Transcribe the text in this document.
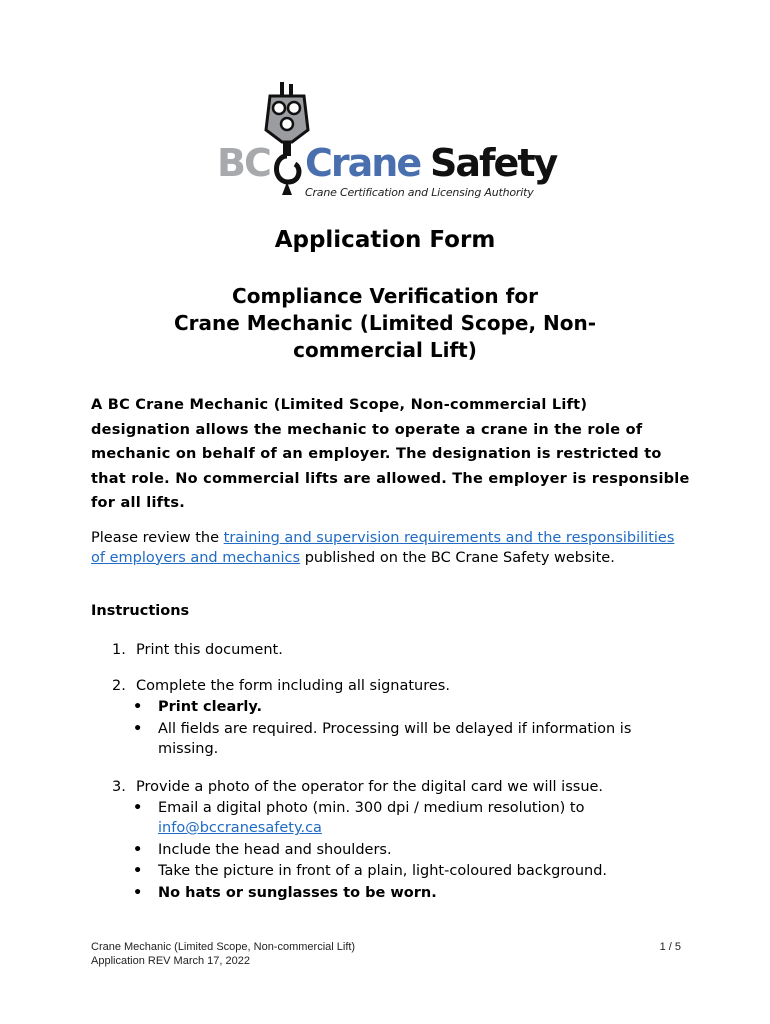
BC Crane Safety
Crane Certification and Licensing Authority
Application Form
Compliance Verification for
Crane Mechanic (Limited Scope, Non-
commercial Lift)

A BC Crane Mechanic (Limited Scope, Non-commercial Lift) designation allows the mechanic to operate a crane in the role of mechanic on behalf of an employer. The designation is restricted to that role. No commercial lifts are allowed. The employer is responsible for all lifts.

Please review the training and supervision requirements and the responsibilities of employers and mechanics published on the BC Crane Safety website.

Instructions
1. Print this document.
2. Complete the form including all signatures.
• Print clearly.
• All fields are required. Processing will be delayed if information is missing.
3. Provide a photo of the operator for the digital card we will issue.
• Email a digital photo (min. 300 dpi / medium resolution) to info@bccranesafety.ca
• Include the head and shoulders.
• Take the picture in front of a plain, light-coloured background.
• No hats or sunglasses to be worn.
Crane Mechanic (Limited Scope, Non-commercial Lift)
Application REV March 17, 2022
1 / 5
